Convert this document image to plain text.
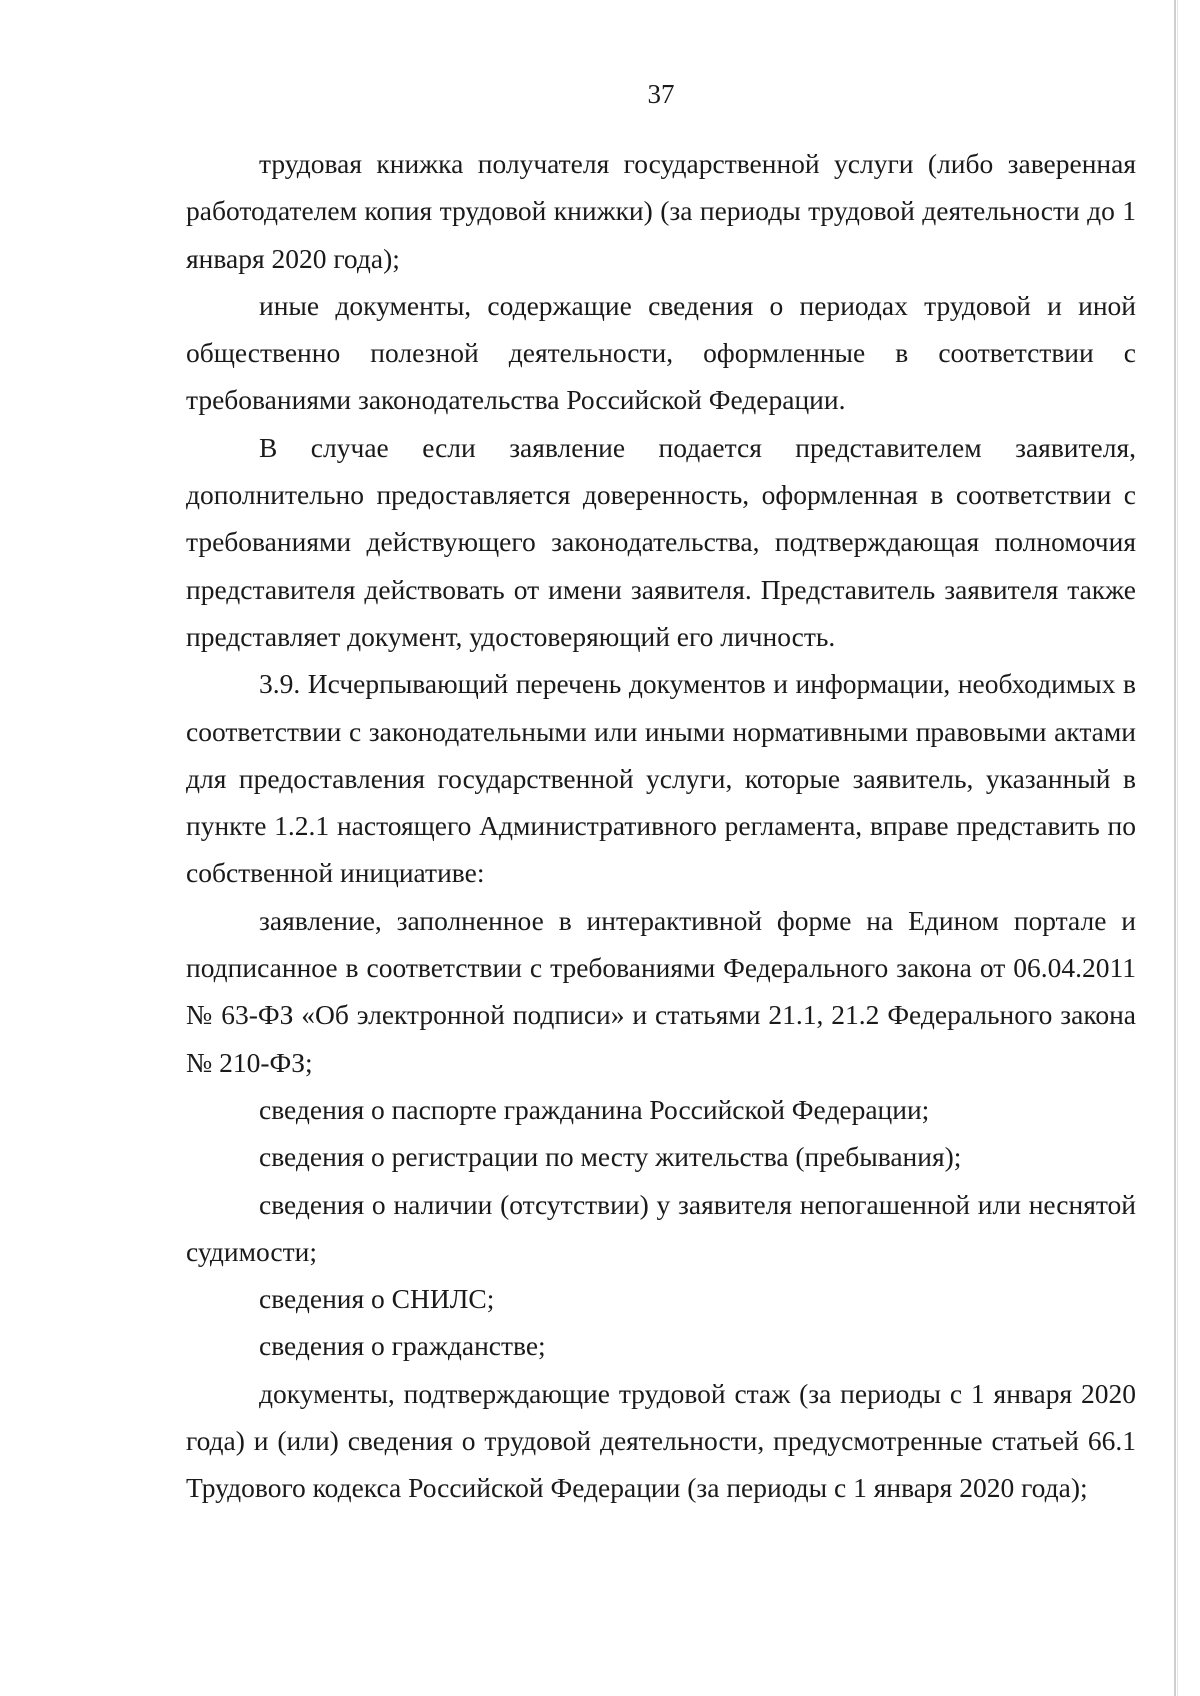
37

трудовая книжка получателя государственной услуги (либо заверенная работодателем копия трудовой книжки) (за периоды трудовой деятельности до 1 января 2020 года);

иные документы, содержащие сведения о периодах трудовой и иной общественно полезной деятельности, оформленные в соответствии с требованиями законодательства Российской Федерации.

В случае если заявление подается представителем заявителя, дополнительно предоставляется доверенность, оформленная в соответствии с требованиями действующего законодательства, подтверждающая полномочия представителя действовать от имени заявителя. Представитель заявителя также представляет документ, удостоверяющий его личность.

3.9. Исчерпывающий перечень документов и информации, необходимых в соответствии с законодательными или иными нормативными правовыми актами для предоставления государственной услуги, которые заявитель, указанный в пункте 1.2.1 настоящего Административного регламента, вправе представить по собственной инициативе:

заявление, заполненное в интерактивной форме на Едином портале и подписанное в соответствии с требованиями Федерального закона от 06.04.2011 № 63-ФЗ «Об электронной подписи» и статьями 21.1, 21.2 Федерального закона № 210-ФЗ;

сведения о паспорте гражданина Российской Федерации;

сведения о регистрации по месту жительства (пребывания);

сведения о наличии (отсутствии) у заявителя непогашенной или неснятой судимости;

сведения о СНИЛС;

сведения о гражданстве;

документы, подтверждающие трудовой стаж (за периоды с 1 января 2020 года) и (или) сведения о трудовой деятельности, предусмотренные статьей 66.1 Трудового кодекса Российской Федерации (за периоды с 1 января 2020 года);
